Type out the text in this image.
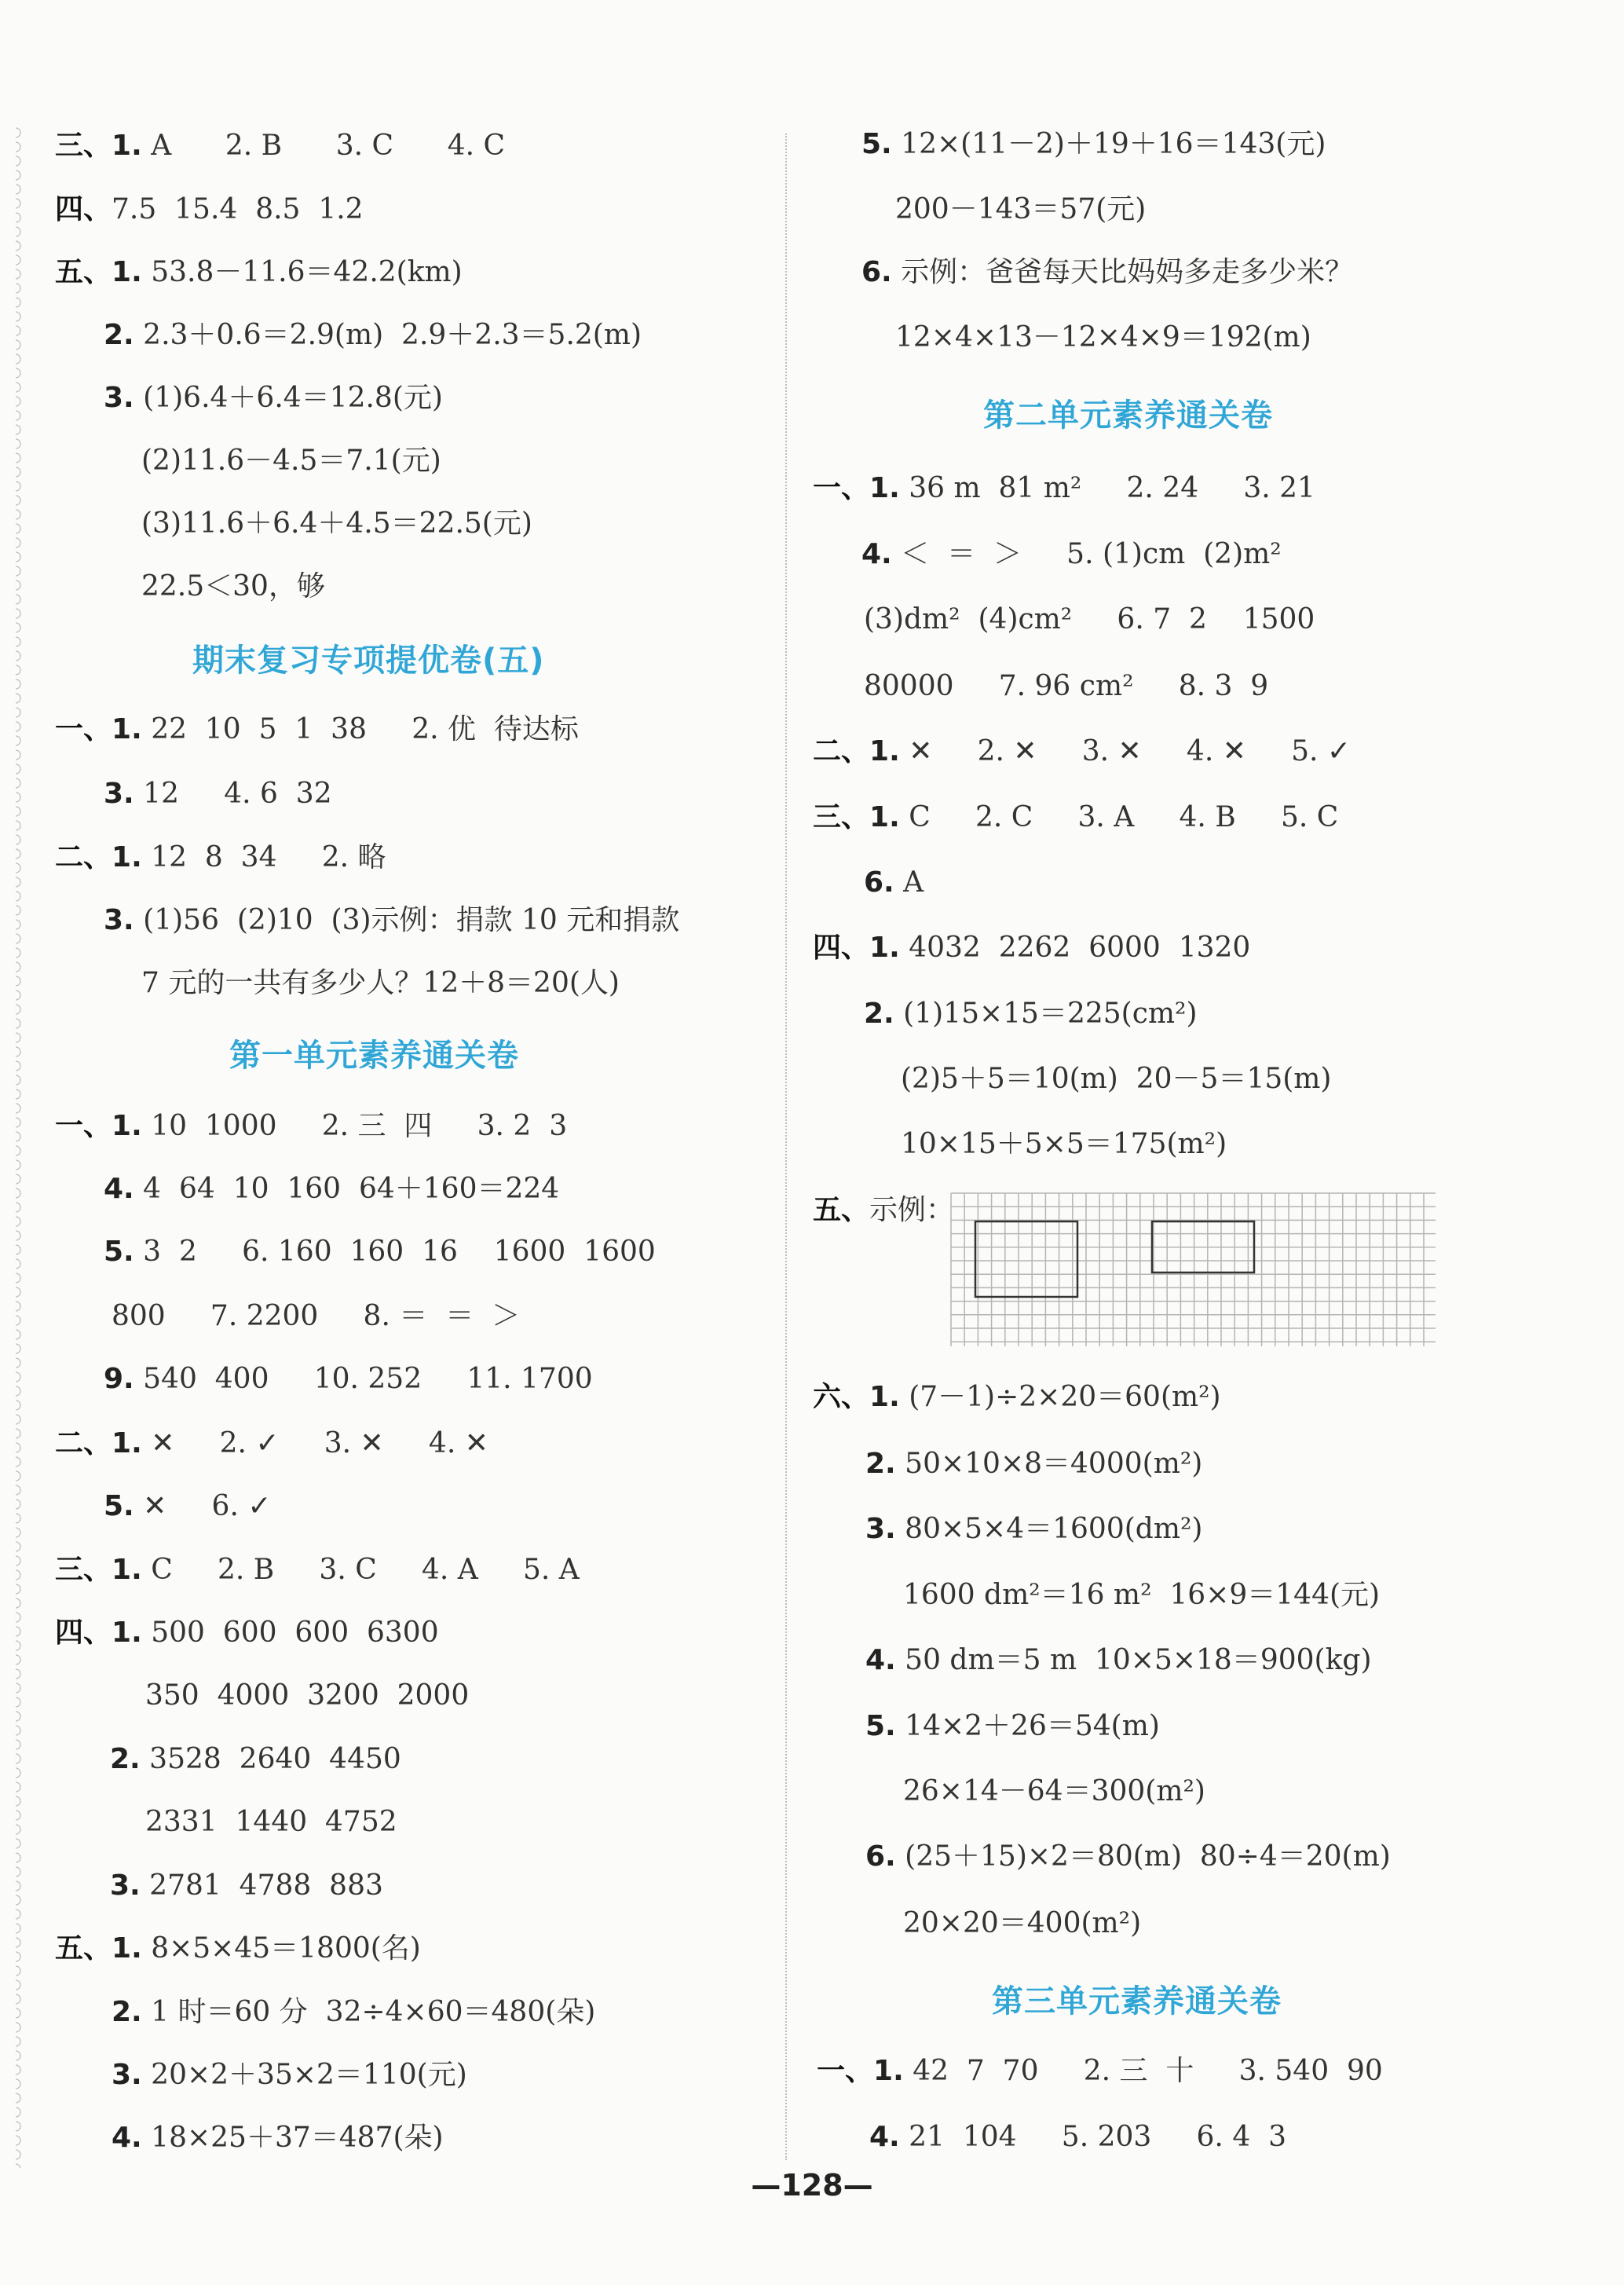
三、1. A      2. B      3. C      4. C
四、7.5  15.4  8.5  1.2
五、1. 53.8－11.6＝42.2(km)
2. 2.3＋0.6＝2.9(m)  2.9＋2.3＝5.2(m)
3. (1)6.4＋6.4＝12.8(元)
(2)11.6－4.5＝7.1(元)
(3)11.6＋6.4＋4.5＝22.5(元)
22.5＜30，够
期末复习专项提优卷(五)
一、1. 22  10  5  1  38     2. 优  待达标
3. 12     4. 6  32
二、1. 12  8  34     2. 略
3. (1)56  (2)10  (3)示例：捐款 10 元和捐款
7 元的一共有多少人？12＋8＝20(人)
第一单元素养通关卷
一、1. 10  1000     2. 三  四     3. 2  3
4. 4  64  10  160  64＋160＝224
5. 3  2     6. 160  160  16    1600  1600
800     7. 2200     8. ＝  ＝  ＞
9. 540  400     10. 252     11. 1700
二、1. ✕     2. ✓     3. ✕     4. ✕
5. ✕     6. ✓
三、1. C     2. B     3. C     4. A     5. A
四、1. 500  600  600  6300
350  4000  3200  2000
2. 3528  2640  4450
2331  1440  4752
3. 2781  4788  883
五、1. 8×5×45＝1800(名)
2. 1 时＝60 分  32÷4×60＝480(朵)
3. 20×2＋35×2＝110(元)
4. 18×25＋37＝487(朵)
5. 12×(11－2)＋19＋16＝143(元)
200－143＝57(元)
6. 示例：爸爸每天比妈妈多走多少米？
12×4×13－12×4×9＝192(m)
第二单元素养通关卷
一、1. 36 m  81 m²     2. 24     3. 21
4. ＜  ＝  ＞     5. (1)cm  (2)m²
(3)dm²  (4)cm²     6. 7  2    1500
80000     7. 96 cm²     8. 3  9
二、1. ✕     2. ✕     3. ✕     4. ✕     5. ✓
三、1. C     2. C     3. A     4. B     5. C
6. A
四、1. 4032  2262  6000  1320
2. (1)15×15＝225(cm²)
(2)5＋5＝10(m)  20－5＝15(m)
10×15＋5×5＝175(m²)
五、示例：
六、1. (7－1)÷2×20＝60(m²)
2. 50×10×8＝4000(m²)
3. 80×5×4＝1600(dm²)
1600 dm²＝16 m²  16×9＝144(元)
4. 50 dm＝5 m  10×5×18＝900(kg)
5. 14×2＋26＝54(m)
26×14－64＝300(m²)
6. (25＋15)×2＝80(m)  80÷4＝20(m)
20×20＝400(m²)
第三单元素养通关卷
一、1. 42  7  70     2. 三  十     3. 540  90
4. 21  104     5. 203     6. 4  3
—128—
